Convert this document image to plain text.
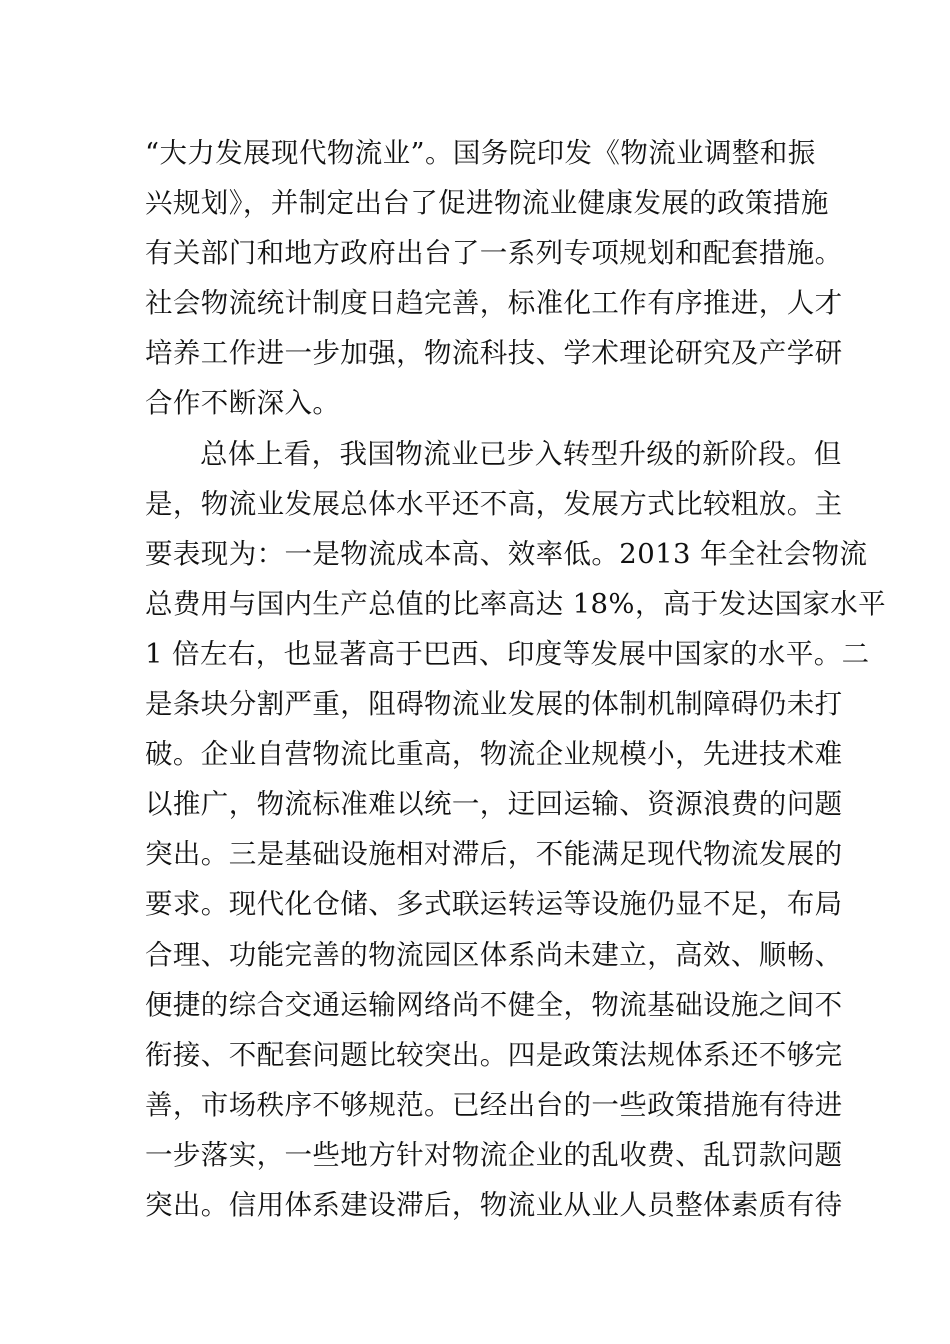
“大力发展现代物流业”。国务院印发《物流业调整和振
兴规划》，并制定出台了促进物流业健康发展的政策措施
有关部门和地方政府出台了一系列专项规划和配套措施。
社会物流统计制度日趋完善，标准化工作有序推进，人才
培养工作进一步加强，物流科技、学术理论研究及产学研
合作不断深入。
总体上看，我国物流业已步入转型升级的新阶段。但
是，物流业发展总体水平还不高，发展方式比较粗放。主
要表现为：一是物流成本高、效率低。2013 年全社会物流
总费用与国内生产总值的比率高达 18%，高于发达国家水平
1 倍左右，也显著高于巴西、印度等发展中国家的水平。二
是条块分割严重，阻碍物流业发展的体制机制障碍仍未打
破。企业自营物流比重高，物流企业规模小，先进技术难
以推广，物流标准难以统一，迂回运输、资源浪费的问题
突出。三是基础设施相对滞后，不能满足现代物流发展的
要求。现代化仓储、多式联运转运等设施仍显不足，布局
合理、功能完善的物流园区体系尚未建立，高效、顺畅、
便捷的综合交通运输网络尚不健全，物流基础设施之间不
衔接、不配套问题比较突出。四是政策法规体系还不够完
善，市场秩序不够规范。已经出台的一些政策措施有待进
一步落实，一些地方针对物流企业的乱收费、乱罚款问题
突出。信用体系建设滞后，物流业从业人员整体素质有待
